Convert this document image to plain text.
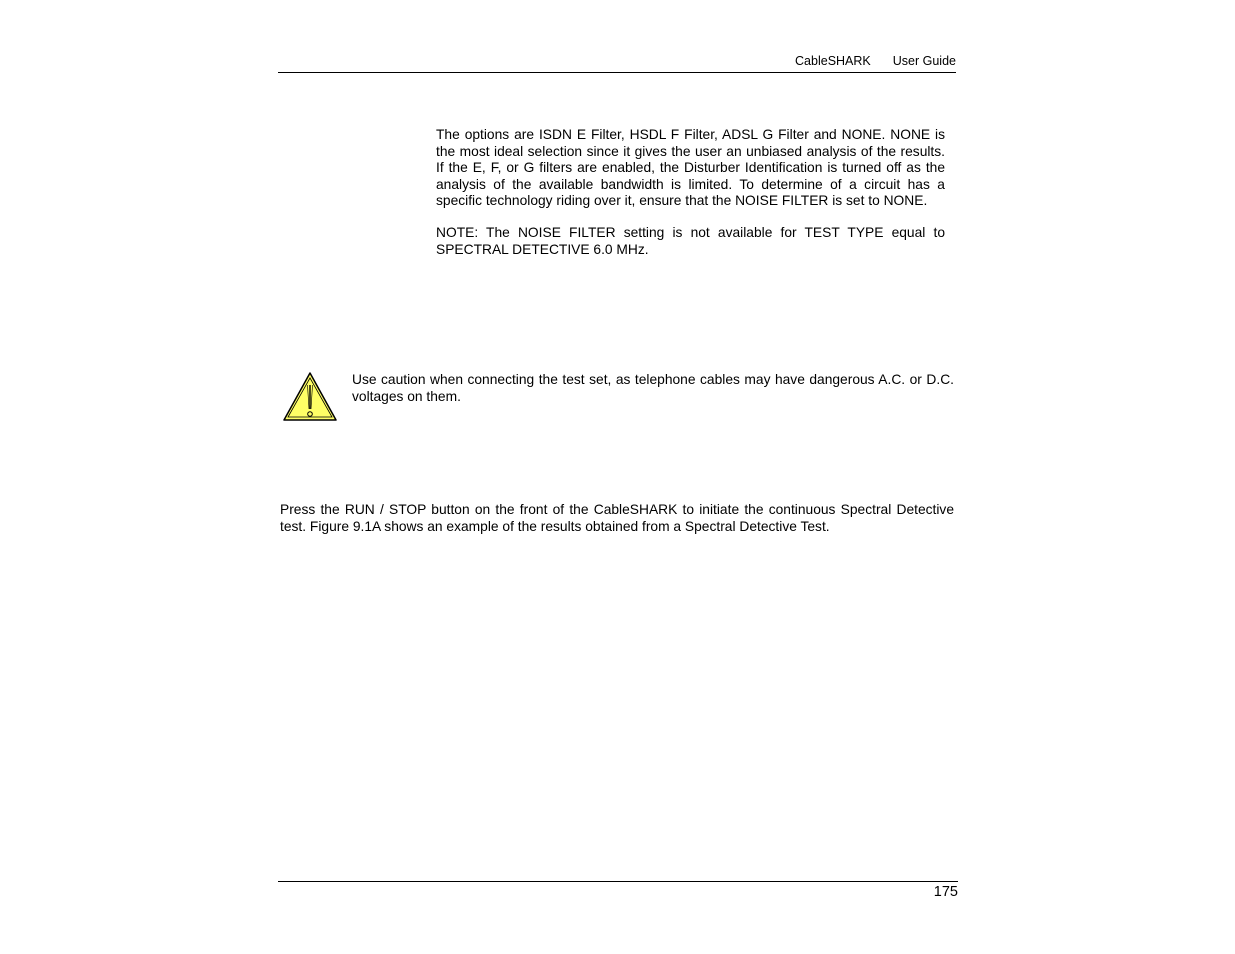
CableSHARK User Guide

The options are ISDN E Filter, HSDL F Filter, ADSL G Filter and NONE. NONE is the most ideal selection since it gives the user an unbiased analysis of the results. If the E, F, or G filters are enabled, the Disturber Identification is turned off as the analysis of the available bandwidth is limited. To determine of a circuit has a specific technology riding over it, ensure that the NOISE FILTER is set to NONE.

NOTE: The NOISE FILTER setting is not available for TEST TYPE equal to SPECTRAL DETECTIVE 6.0 MHz.

Use caution when connecting the test set, as telephone cables may have dangerous A.C. or D.C. voltages on them.

Press the RUN / STOP button on the front of the CableSHARK to initiate the continuous Spectral Detective test. Figure 9.1A shows an example of the results obtained from a Spectral Detective Test.

175
